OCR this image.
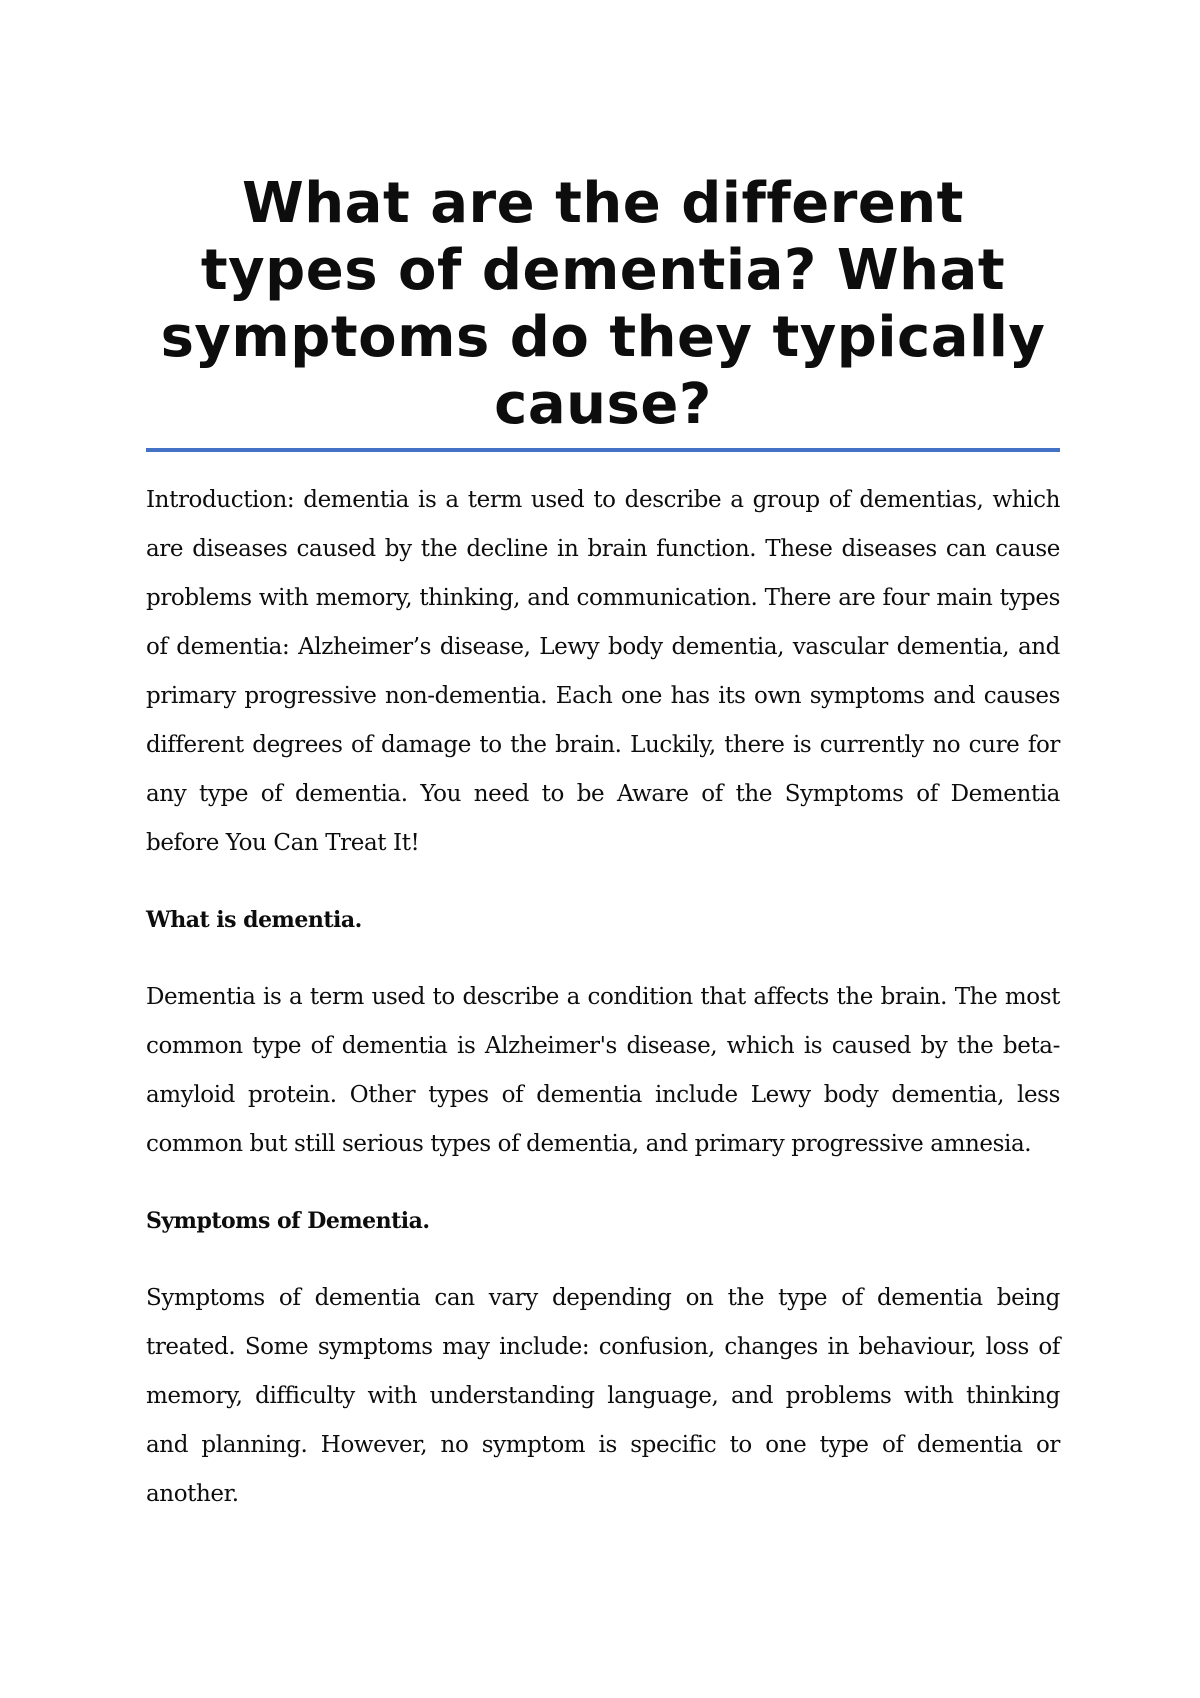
What are the different types of dementia? What symptoms do they typically cause?

Introduction: dementia is a term used to describe a group of dementias, which are diseases caused by the decline in brain function. These diseases can cause problems with memory, thinking, and communication. There are four main types of dementia: Alzheimer’s disease, Lewy body dementia, vascular dementia, and primary progressive non-dementia. Each one has its own symptoms and causes different degrees of damage to the brain. Luckily, there is currently no cure for any type of dementia. You need to be Aware of the Symptoms of Dementia before You Can Treat It!

What is dementia.

Dementia is a term used to describe a condition that affects the brain. The most common type of dementia is Alzheimer's disease, which is caused by the beta-amyloid protein. Other types of dementia include Lewy body dementia, less common but still serious types of dementia, and primary progressive amnesia.

Symptoms of Dementia.

Symptoms of dementia can vary depending on the type of dementia being treated. Some symptoms may include: confusion, changes in behaviour, loss of memory, difficulty with understanding language, and problems with thinking and planning. However, no symptom is specific to one type of dementia or another.
